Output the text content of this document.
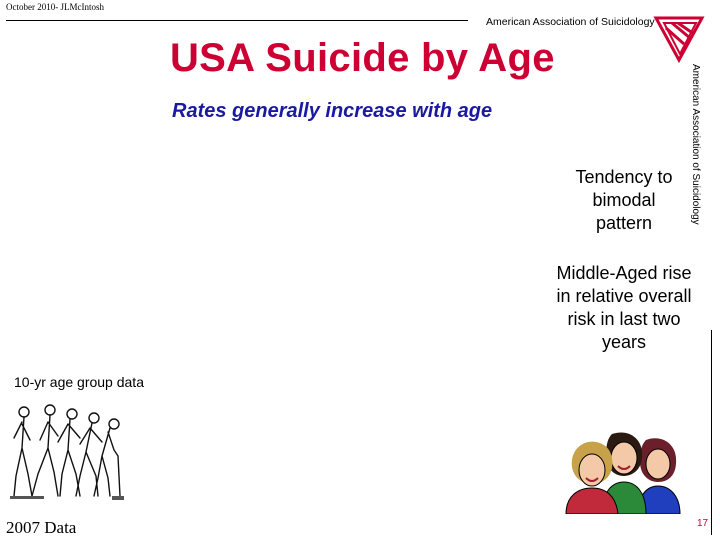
October 2010- JLMcIntosh
American Association of Suicidology
USA Suicide by Age
Rates generally increase with age	American Association of Suicidology
Tendency to bimodal pattern
Middle-Aged rise in relative overall risk in last two years
10-yr age group data
2007 Data	17
